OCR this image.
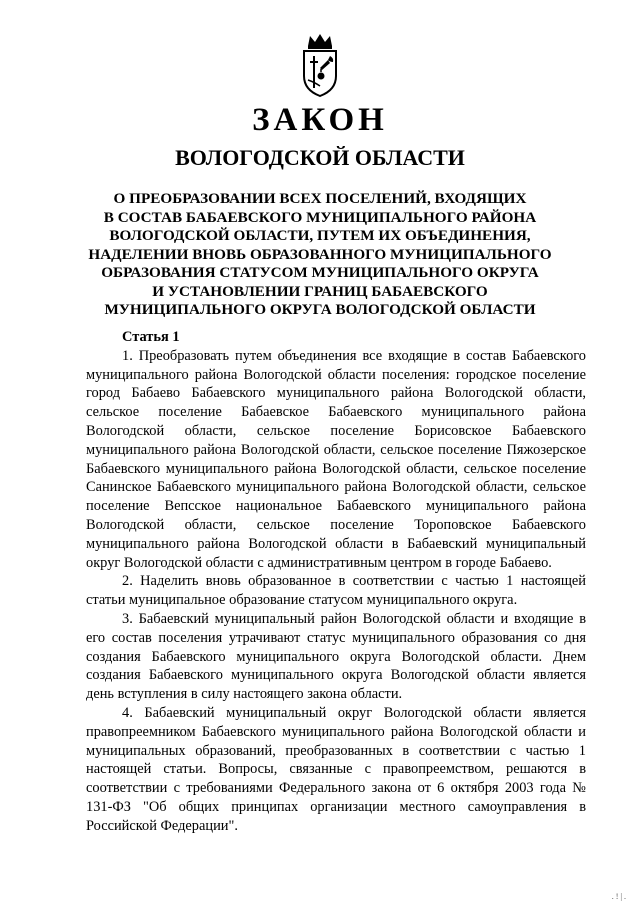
ЗАКОН
ВОЛОГОДСКОЙ ОБЛАСТИ
О ПРЕОБРАЗОВАНИИ ВСЕХ ПОСЕЛЕНИЙ, ВХОДЯЩИХ
В СОСТАВ БАБАЕВСКОГО МУНИЦИПАЛЬНОГО РАЙОНА
ВОЛОГОДСКОЙ ОБЛАСТИ, ПУТЕМ ИХ ОБЪЕДИНЕНИЯ,
НАДЕЛЕНИИ ВНОВЬ ОБРАЗОВАННОГО МУНИЦИПАЛЬНОГО
ОБРАЗОВАНИЯ СТАТУСОМ МУНИЦИПАЛЬНОГО ОКРУГА
И УСТАНОВЛЕНИИ ГРАНИЦ БАБАЕВСКОГО
МУНИЦИПАЛЬНОГО ОКРУГА ВОЛОГОДСКОЙ ОБЛАСТИ
Статья 1

1. Преобразовать путем объединения все входящие в состав Бабаевского муниципального района Вологодской области поселения: городское поселение город Бабаево Бабаевского муниципального района Вологодской области, сельское поселение Бабаевское Бабаевского муниципального района Вологодской области, сельское поселение Борисовское Бабаевского муниципального района Вологодской области, сельское поселение Пяжозерское Бабаевского муниципального района Вологодской области, сельское поселение Санинское Бабаевского муниципального района Вологодской области, сельское поселение Вепсское национальное Бабаевского муниципального района Вологодской области, сельское поселение Тороповское Бабаевского муниципального района Вологодской области в Бабаевский муниципальный округ Вологодской области с административным центром в городе Бабаево.

2. Наделить вновь образованное в соответствии с частью 1 настоящей статьи муниципальное образование статусом муниципального округа.

3. Бабаевский муниципальный район Вологодской области и входящие в его состав поселения утрачивают статус муниципального образования со дня создания Бабаевского муниципального округа Вологодской области. Днем создания Бабаевского муниципального округа Вологодской области является день вступления в силу настоящего закона области.

4. Бабаевский муниципальный округ Вологодской области является правопреемником Бабаевского муниципального района Вологодской области и муниципальных образований, преобразованных в соответствии с частью 1 настоящей статьи. Вопросы, связанные с правопреемством, решаются в соответствии с требованиями Федерального закона от 6 октября 2003 года № 131-ФЗ "Об общих принципах организации местного самоуправления в Российской Федерации".

. ! | .
